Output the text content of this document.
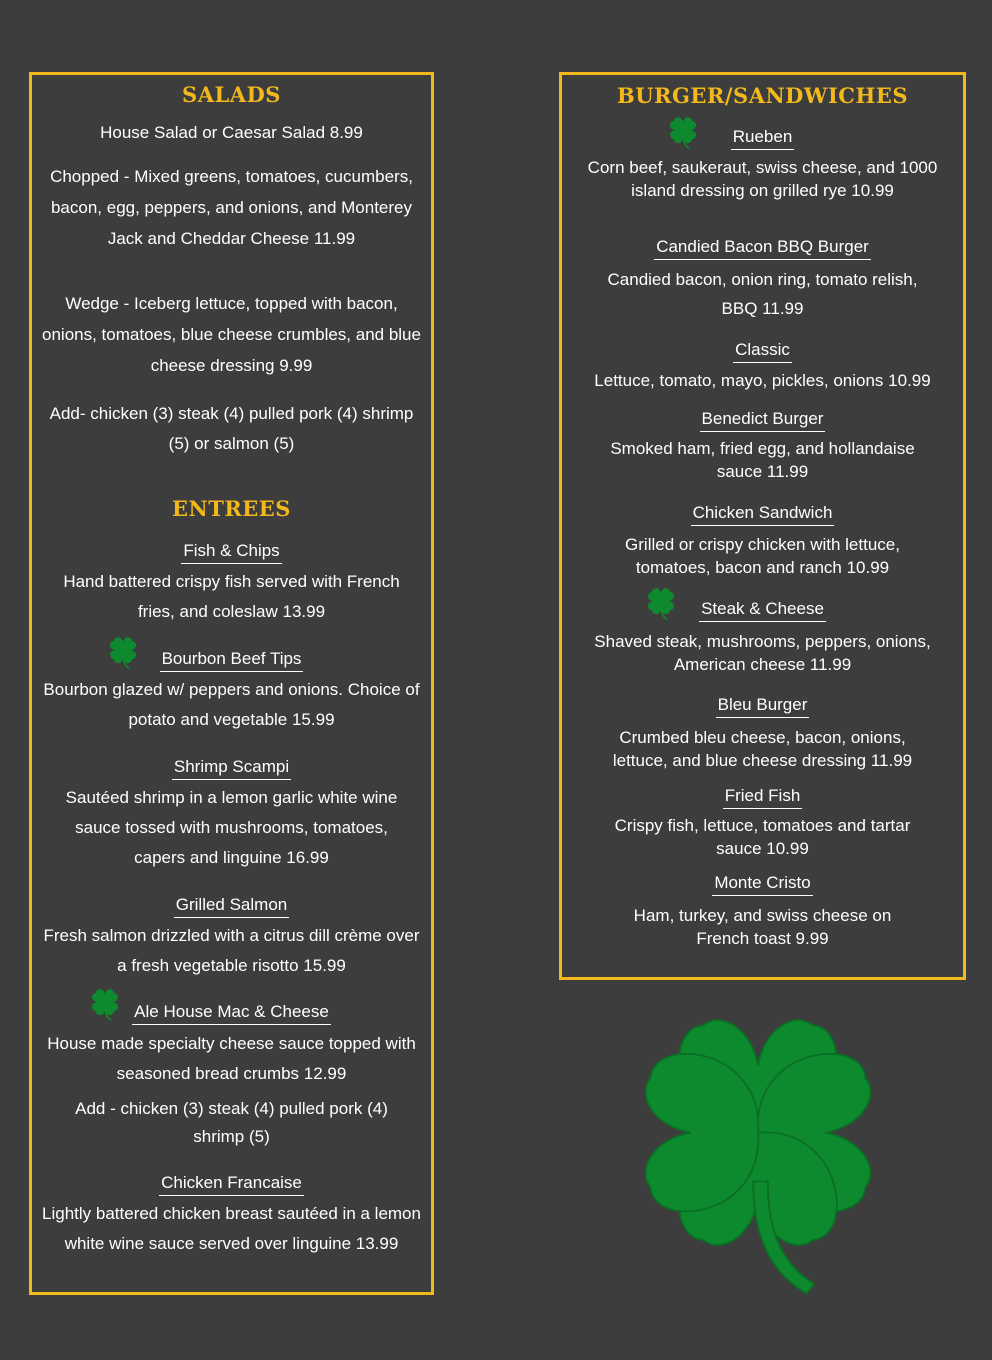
SALADS

House Salad or Caesar Salad 8.99

Chopped - Mixed greens, tomatoes, cucumbers, bacon, egg, peppers, and onions, and Monterey Jack and Cheddar Cheese 11.99

Wedge - Iceberg lettuce, topped with bacon, onions, tomatoes, blue cheese crumbles, and blue cheese dressing 9.99

Add- chicken (3) steak (4) pulled pork (4) shrimp (5) or salmon (5)

ENTREES

Fish & Chips

Hand battered crispy fish served with French fries, and coleslaw 13.99

Bourbon Beef Tips

Bourbon glazed w/ peppers and onions. Choice of potato and vegetable 15.99

Shrimp Scampi

Sautéed shrimp in a lemon garlic white wine sauce tossed with mushrooms, tomatoes, capers and linguine 16.99

Grilled Salmon

Fresh salmon drizzled with a citrus dill crème over a fresh vegetable risotto 15.99

Ale House Mac & Cheese

House made specialty cheese sauce topped with seasoned bread crumbs 12.99

Add - chicken (3) steak (4) pulled pork (4) shrimp (5)

Chicken Francaise

Lightly battered chicken breast sautéed in a lemon white wine sauce served over linguine 13.99

BURGER/SANDWICHES

Rueben

Corn beef, saukeraut, swiss cheese, and 1000 island dressing on grilled rye 10.99

Candied Bacon BBQ Burger

Candied bacon, onion ring, tomato relish, BBQ 11.99

Classic

Lettuce, tomato, mayo, pickles, onions 10.99

Benedict Burger

Smoked ham, fried egg, and hollandaise sauce 11.99

Chicken Sandwich

Grilled or crispy chicken with lettuce, tomatoes, bacon and ranch 10.99

Steak & Cheese

Shaved steak, mushrooms, peppers, onions, American cheese 11.99

Bleu Burger

Crumbed bleu cheese, bacon, onions, lettuce, and blue cheese dressing 11.99

Fried Fish

Crispy fish, lettuce, tomatoes and tartar sauce 10.99

Monte Cristo

Ham, turkey, and swiss cheese on French toast 9.99
